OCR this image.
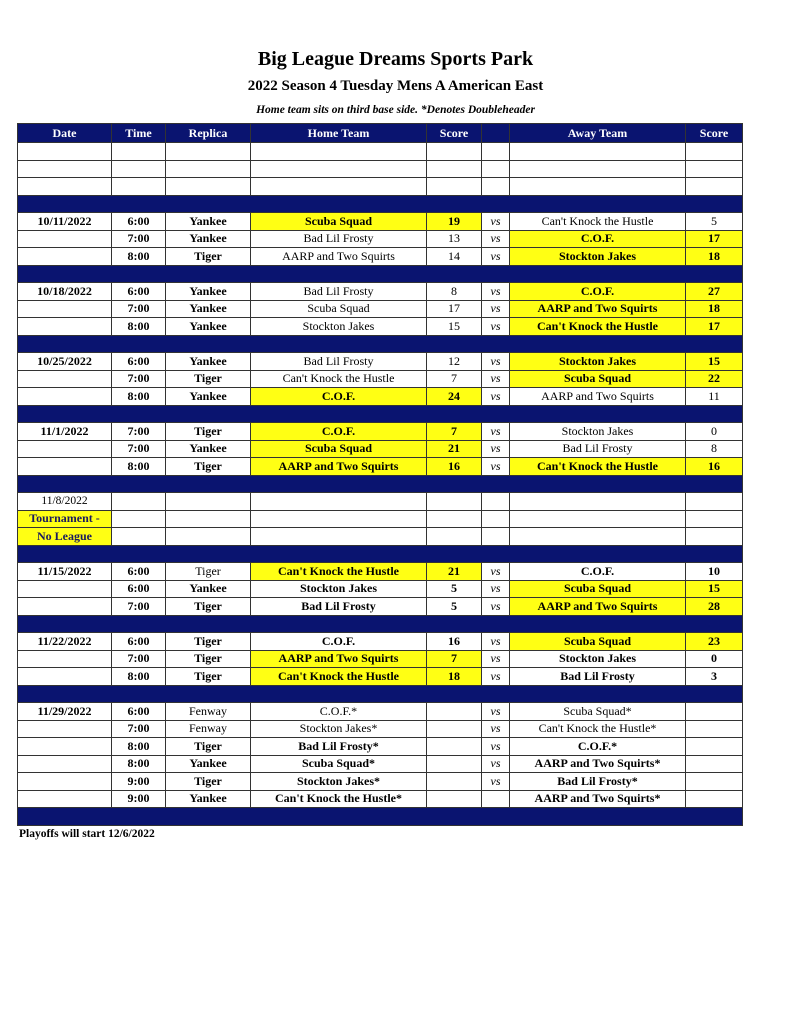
Big League Dreams Sports Park
2022 Season 4 Tuesday Mens A American East
Home team sits on third base side. *Denotes Doubleheader
Date	Time	Replica	Home Team	Score		Away Team	Score

10/11/2022	6:00	Yankee	Scuba Squad	19	vs	Can't Knock the Hustle	5
	7:00	Yankee	Bad Lil Frosty	13	vs	C.O.F.	17
	8:00	Tiger	AARP and Two Squirts	14	vs	Stockton Jakes	18

10/18/2022	6:00	Yankee	Bad Lil Frosty	8	vs	C.O.F.	27
	7:00	Yankee	Scuba Squad	17	vs	AARP and Two Squirts	18
	8:00	Yankee	Stockton Jakes	15	vs	Can't Knock the Hustle	17

10/25/2022	6:00	Yankee	Bad Lil Frosty	12	vs	Stockton Jakes	15
	7:00	Tiger	Can't Knock the Hustle	7	vs	Scuba Squad	22
	8:00	Yankee	C.O.F.	24	vs	AARP and Two Squirts	11

11/1/2022	7:00	Tiger	C.O.F.	7	vs	Stockton Jakes	0
	7:00	Yankee	Scuba Squad	21	vs	Bad Lil Frosty	8
	8:00	Tiger	AARP and Two Squirts	16	vs	Can't Knock the Hustle	16

11/8/2022							
Tournament -							
No League							

11/15/2022	6:00	Tiger	Can't Knock the Hustle	21	vs	C.O.F.	10
	6:00	Yankee	Stockton Jakes	5	vs	Scuba Squad	15
	7:00	Tiger	Bad Lil Frosty	5	vs	AARP and Two Squirts	28

11/22/2022	6:00	Tiger	C.O.F.	16	vs	Scuba Squad	23
	7:00	Tiger	AARP and Two Squirts	7	vs	Stockton Jakes	0
	8:00	Tiger	Can't Knock the Hustle	18	vs	Bad Lil Frosty	3

11/29/2022	6:00	Fenway	C.O.F.*		vs	Scuba Squad*	
	7:00	Fenway	Stockton Jakes*		vs	Can't Knock the Hustle*	
	8:00	Tiger	Bad Lil Frosty*		vs	C.O.F.*	
	8:00	Yankee	Scuba Squad*		vs	AARP and Two Squirts*	
	9:00	Tiger	Stockton Jakes*		vs	Bad Lil Frosty*	
	9:00	Yankee	Can't Knock the Hustle*			AARP and Two Squirts*	

Playoffs will start 12/6/2022
